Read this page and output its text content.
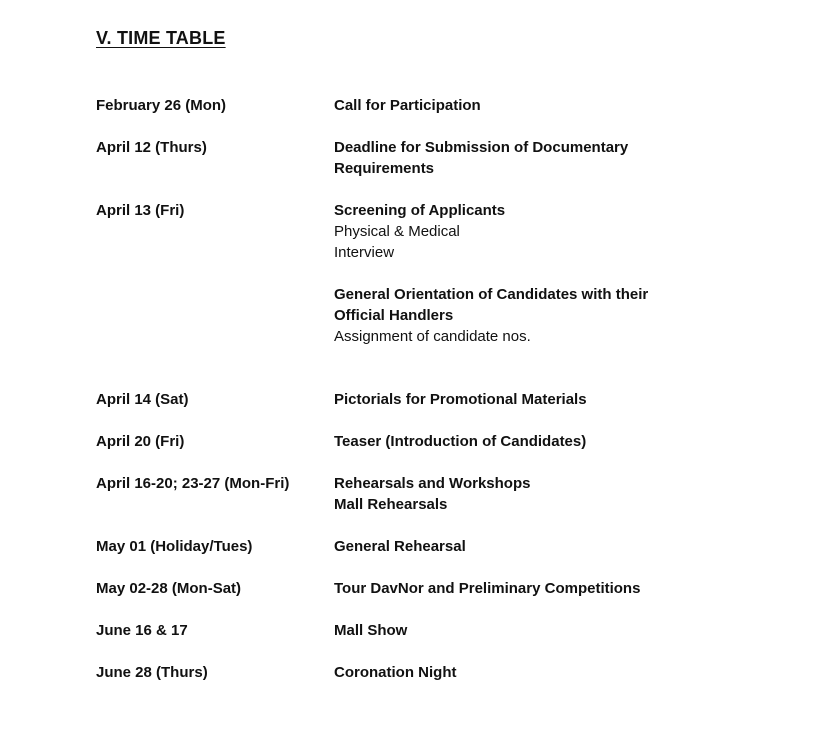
V. TIME TABLE
February 26 (Mon)	Call for Participation
April 12 (Thurs)	Deadline for Submission of Documentary
Requirements
April 13 (Fri)	Screening of Applicants
Physical & Medical
Interview
General Orientation of Candidates with their
Official Handlers
Assignment of candidate nos.
April 14 (Sat)	Pictorials for Promotional Materials
April 20 (Fri)	Teaser (Introduction of Candidates)
April 16-20; 23-27 (Mon-Fri)	Rehearsals and Workshops
Mall Rehearsals
May 01 (Holiday/Tues)	General Rehearsal
May 02-28 (Mon-Sat)	Tour DavNor and Preliminary Competitions
June 16 & 17	Mall Show
June 28 (Thurs)	Coronation Night
